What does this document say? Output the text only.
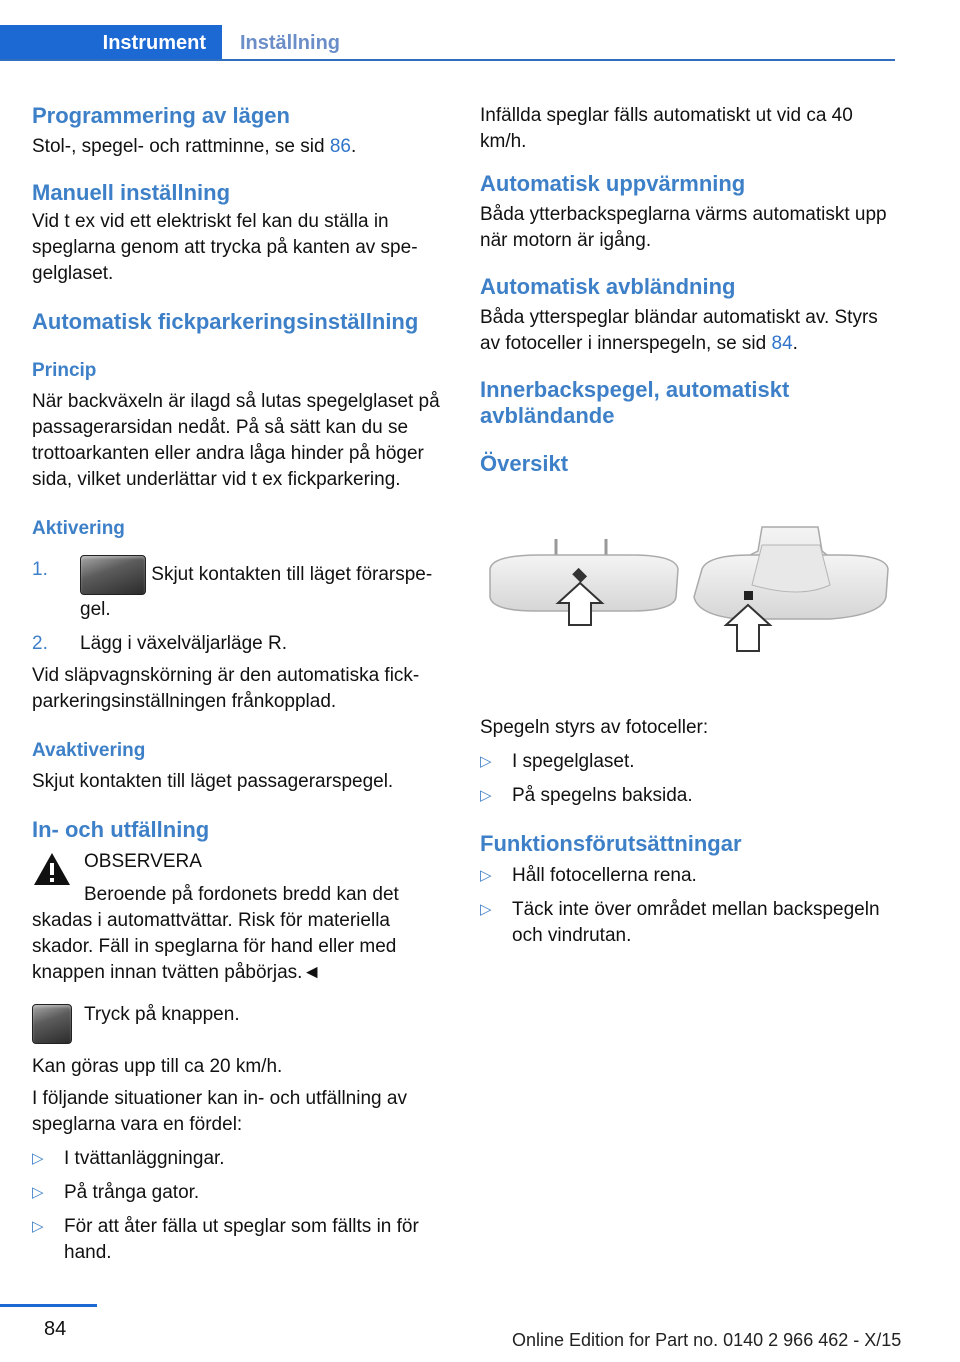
Instrument	Inställning
Programmering av lägen

Stol-, spegel- och rattminne, se sid 86.

Manuell inställning

Vid t ex vid ett elektriskt fel kan du ställa in speglarna genom att trycka på kanten av spegelglaset.

Automatisk fickparkeringsinställning
Princip

När backväxeln är ilagd så lutas spegelglaset på passagerarsidan nedåt. På så sätt kan du se trottoarkanten eller andra låga hinder på höger sida, vilket underlättar vid t ex fickparkering.

Aktivering
1.	Skjut kontakten till läget förarspegel.
2. Lägg i växelväljarläge R.

Vid släpvagnskörning är den automatiska fickparkeringsinställningen frånkopplad.

Avaktivering

Skjut kontakten till läget passagerarspegel.

In- och utfällning

OBSERVERA

Beroende på fordonets bredd kan det

skadas i automattvättar. Risk för materiella skador. Fäll in speglarna för hand eller med knappen innan tvätten påbörjas.◄

Tryck på knappen.

Kan göras upp till ca 20 km/h.

I följande situationer kan in- och utfällning av speglarna vara en fördel:

▷ I tvättanläggningar.
▷ På trånga gator.
▷ För att åter fälla ut speglar som fällts in för hand.

Infällda speglar fälls automatiskt ut vid ca 40 km/h.

Automatisk uppvärmning

Båda ytterbackspeglarna värms automatiskt upp när motorn är igång.

Automatisk avbländning

Båda ytterspeglar bländar automatiskt av. Styrs av fotoceller i innerspegeln, se sid 84.

Innerbackspegel, automatiskt avbländande
Översikt

Spegeln styrs av fotoceller:

▷ I spegelglaset.
▷ På spegelns baksida.
Funktionsförutsättningar
▷ Håll fotocellerna rena.
▷ Täck inte över området mellan backspegeln och vindrutan.
84	Online Edition for Part no. 0140 2 966 462 - X/15
